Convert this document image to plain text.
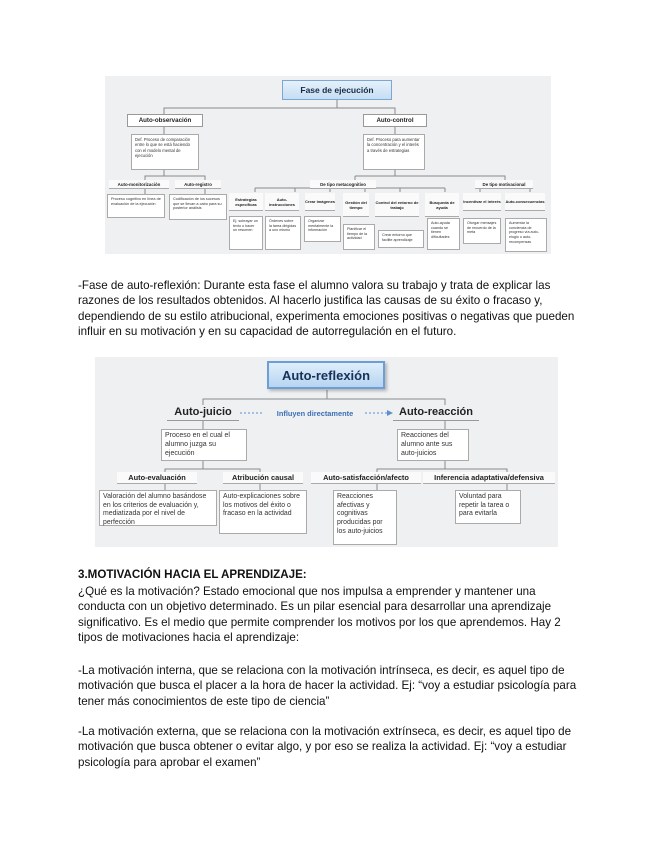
Fase de ejecución
Auto-observación	Auto-control
Def. Proceso de comparación entre lo que se está haciendo con el modelo mental de ejecución
Def. Proceso para aumentar la concentración y el interés a través de estrategias
Auto-monitorización	Auto-registro
Proceso cognitivo en línea de evaluación de la ejecución
Codificación de los sucesos que se llevan a cabo para su posterior análisis
De tipo metacognitivo	De tipo motivacional
Estrategias específicas
Auto-instrucciones	Crear imágenes	Gestión del tiempo
Control del entorno de trabajo
Búsqueda de ayuda
Incentivar el interés Auto-consecuencias
Ej. subrayar un texto o hacer un resumen
Órdenes sobre la tarea dirigidas a uno mismo
Organizar mentalmente la información	Planificar el tiempo de la actividad
Crear entorno que facilite aprendizaje
Auto-ayuda cuando se tienen dificultades
Otorgar mensajes de recuerdo de la meta
Aumentar la conciencia de progreso vía auto-elogio o auto-recompensas

-Fase de auto-reflexión: Durante esta fase el alumno valora su trabajo y trata de explicar las razones de los resultados obtenidos. Al hacerlo justifica las causas de su éxito o fracaso y, dependiendo de su estilo atribucional, experimenta emociones positivas o negativas que pueden influir en su motivación y en su capacidad de autorregulación en el futuro.

Auto-reflexión
Auto-juicio	Influyen directamente	Auto-reacción
Proceso en el cual el alumno juzga su ejecución
Reacciones del alumno ante sus auto-juicios
Auto-evaluación	Atribución causal	Auto-satisfacción/afecto	Inferencia adaptativa/defensiva
Valoración del alumno basándose en los criterios de evaluación y, mediatizada por el nivel de perfección
Auto-explicaciones sobre los motivos del éxito o fracaso en la actividad
Reacciones afectivas y cognitivas producidas por los auto-juicios
Voluntad para repetir la tarea o para evitarla

3.MOTIVACIÓN HACIA EL APRENDIZAJE:

¿Qué es la motivación? Estado emocional que nos impulsa a emprender y mantener una conducta con un objetivo determinado. Es un pilar esencial para desarrollar una aprendizaje significativo. Es el medio que permite comprender los motivos por los que aprendemos. Hay 2 tipos de motivaciones hacia el aprendizaje:

-La motivación interna, que se relaciona con la motivación intrínseca, es decir, es aquel tipo de motivación que busca el placer a la hora de hacer la actividad. Ej: “voy a estudiar psicología para tener más conocimientos de este tipo de ciencia”

-La motivación externa, que se relaciona con la motivación extrínseca, es decir, es aquel tipo de motivación que busca obtener o evitar algo, y por eso se realiza la actividad. Ej: “voy a estudiar psicología para aprobar el examen”
